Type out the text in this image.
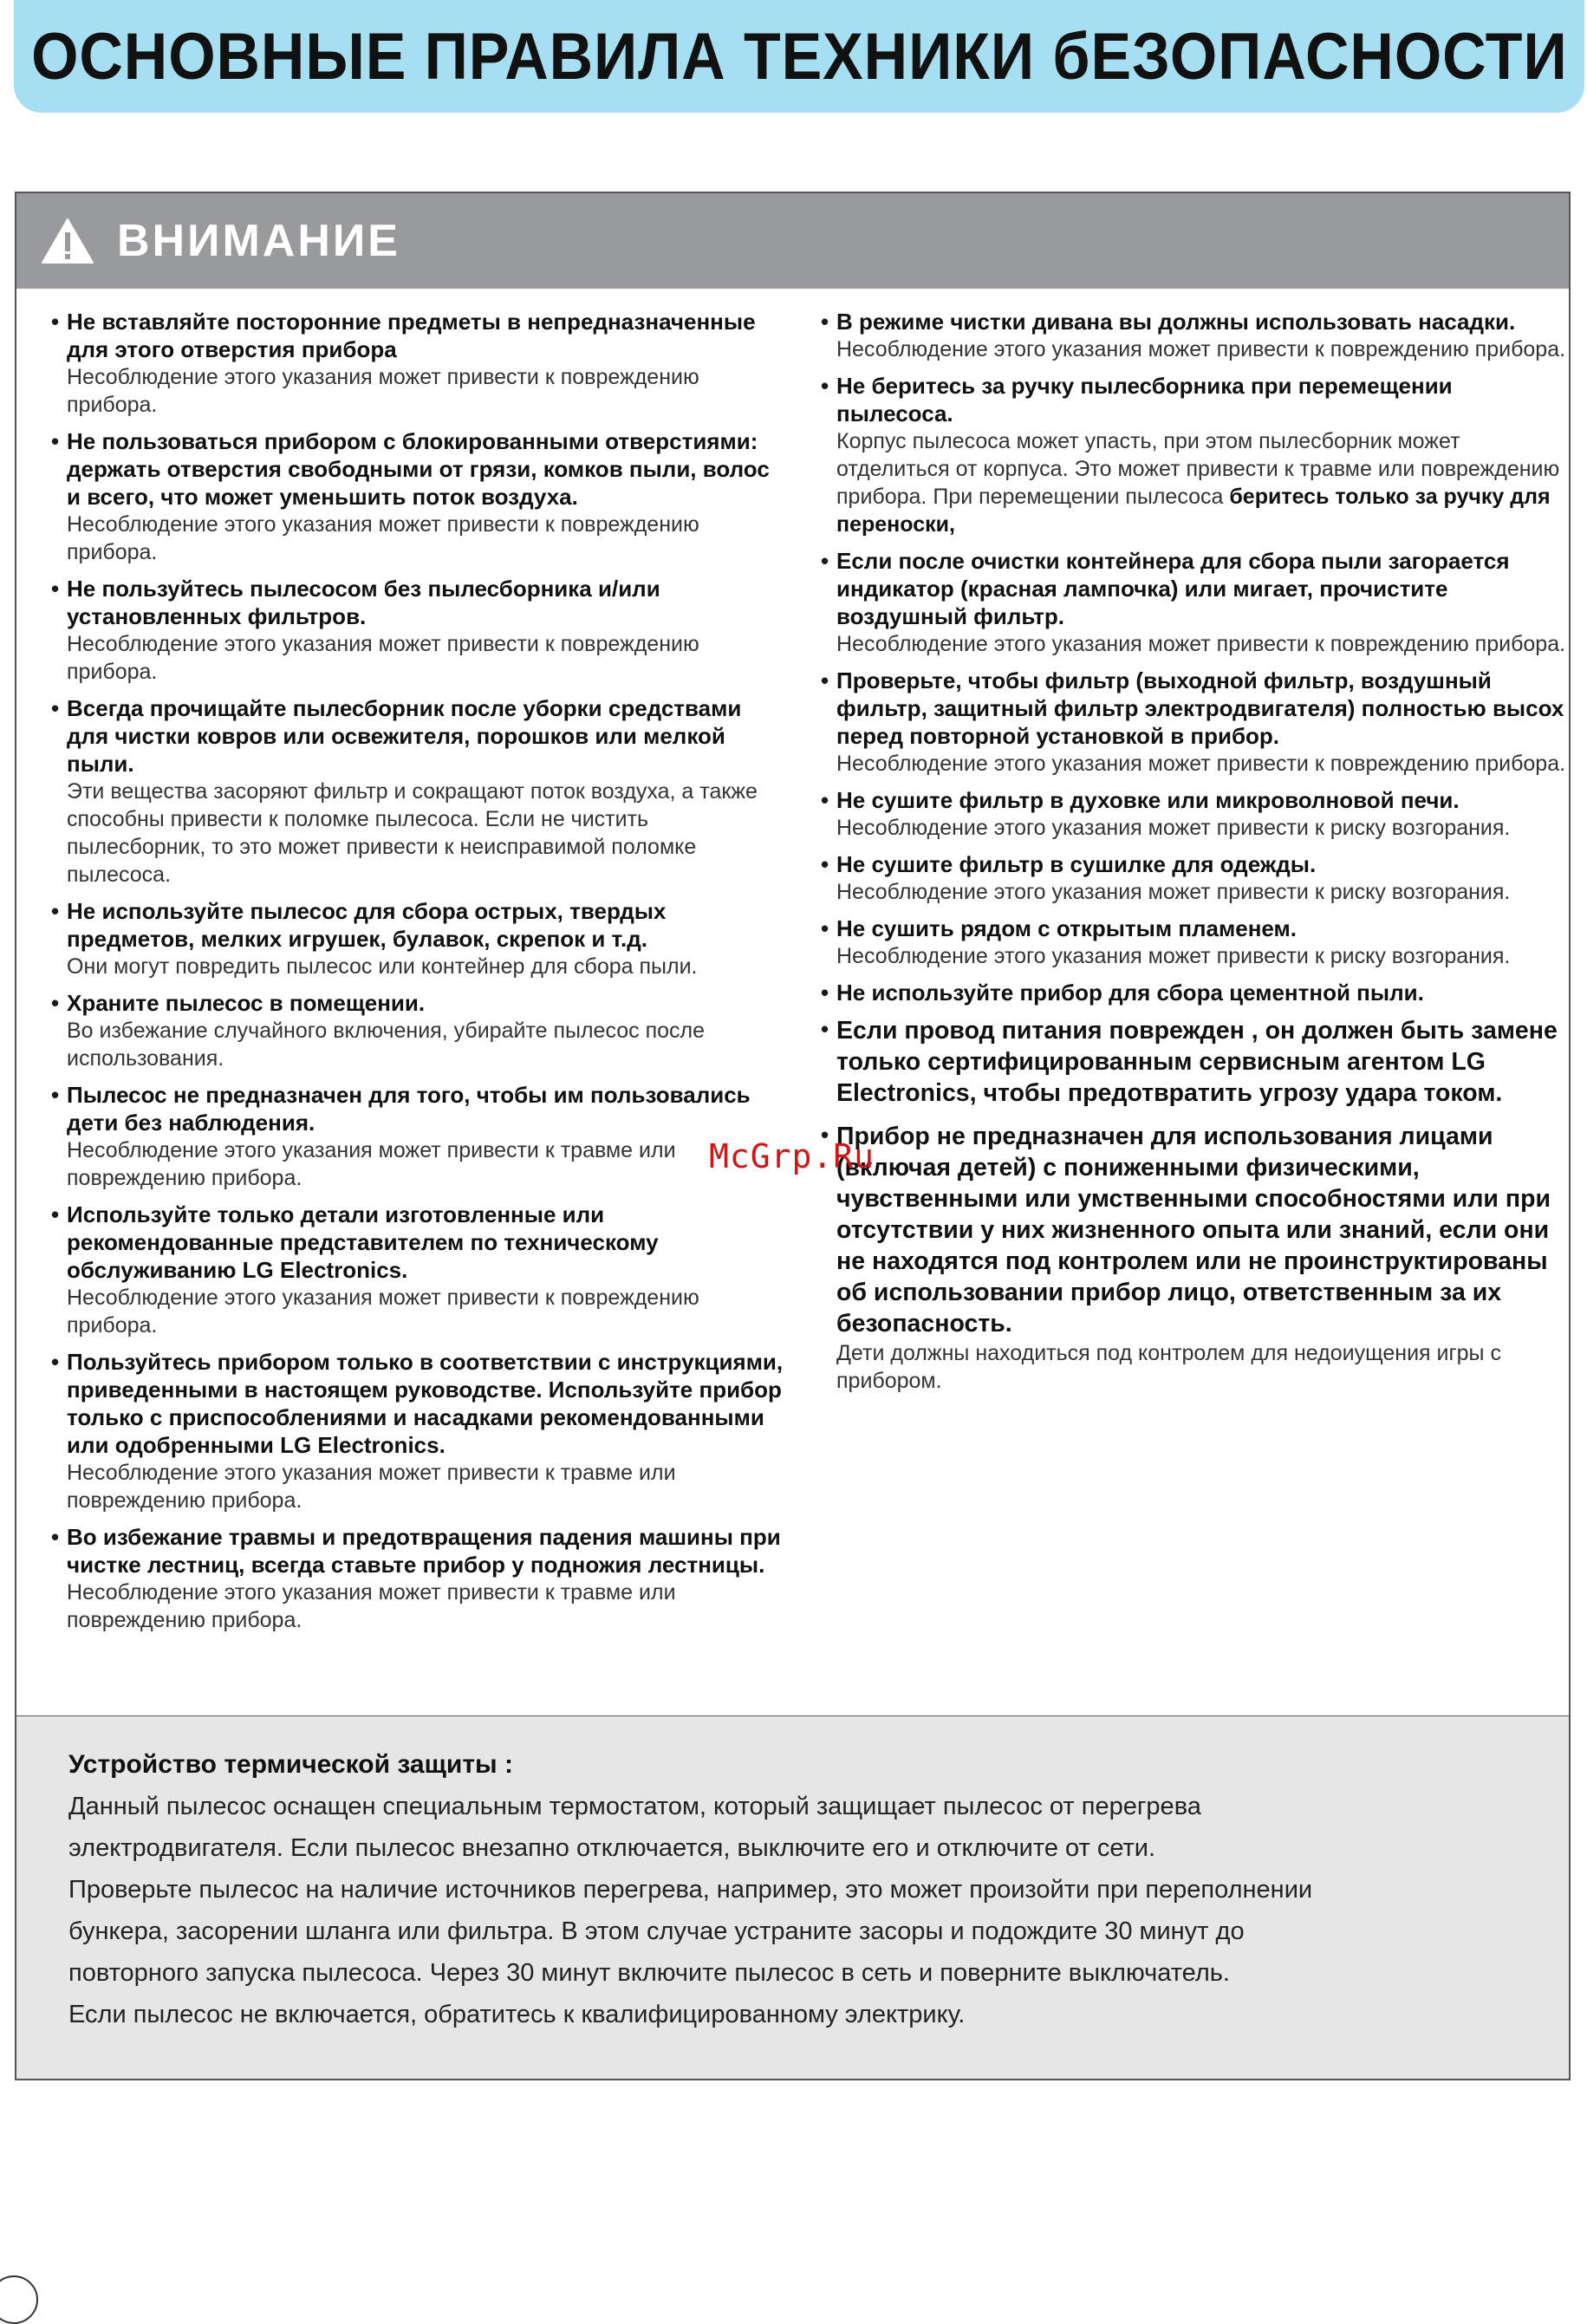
ОСНОВНЫЕ ПРАВИЛА ТЕХНИКИ бЕЗОПАСНОСТИ
ВНИМАНИЕ
• Не вставляйте посторонние предметы в непредназначенные для этого отверстия прибора
Несоблюдение этого указания может привести к повреждению прибора.
• Не пользоваться прибором с блокированными отверстиями: держать отверстия свободными от грязи, комков пыли, волос и всего, что может уменьшить поток воздуха.
Несоблюдение этого указания может привести к повреждению прибора.
• Не пользуйтесь пылесосом без пылесборника и/или установленных фильтров.
Несоблюдение этого указания может привести к повреждению прибора.
• Всегда прочищайте пылесборник после уборки средствами для чистки ковров или освежителя, порошков или мелкой пыли.
Эти вещества засоряют фильтр и сокращают поток воздуха, а также способны привести к поломке пылесоса. Если не чистить пылесборник, то это может привести к неисправимой поломке пылесоса.
• Не используйте пылесос для сбора острых, твердых предметов, мелких игрушек, булавок, скрепок и т.д.
Они могут повредить пылесос или контейнер для сбора пыли.
• Храните пылесос в помещении.
Во избежание случайного включения, убирайте пылесос после использования.
• Пылесос не предназначен для того, чтобы им пользовались дети без наблюдения.
Несоблюдение этого указания может привести к травме или повреждению прибора.
• Используйте только детали изготовленные или рекомендованные представителем по техническому обслуживанию LG Electronics.
Несоблюдение этого указания может привести к повреждению прибора.
• Пользуйтесь прибором только в соответствии с инструкциями, приведенными в настоящем руководстве. Используйте прибор только с приспособлениями и насадками рекомендованными или одобренными LG Electronics.
Несоблюдение этого указания может привести к травме или повреждению прибора.
• Во избежание травмы и предотвращения падения машины при чистке лестниц, всегда ставьте прибор у подножия лестницы.
Несоблюдение этого указания может привести к травме или повреждению прибора.
• В режиме чистки дивана вы должны использовать насадки.
Несоблюдение этого указания может привести к повреждению прибора.
• Не беритесь за ручку пылесборника при перемещении пылесоса.
Корпус пылесоса может упасть, при этом пылесборник может отделиться от корпуса. Это может привести к травме или повреждению прибора. При перемещении пылесоса беритесь только за ручку для переноски,
• Если после очистки контейнера для сбора пыли загорается индикатор (красная лампочка) или мигает, прочистите воздушный фильтр.
Несоблюдение этого указания может привести к повреждению прибора.
• Проверьте, чтобы фильтр (выходной фильтр, воздушный фильтр, защитный фильтр электродвигателя) полностью высох перед повторной установкой в прибор.
Несоблюдение этого указания может привести к повреждению прибора.
• Не сушите фильтр в духовке или микроволновой печи.
Несоблюдение этого указания может привести к риску возгорания.
• Не сушите фильтр в сушилке для одежды.
Несоблюдение этого указания может привести к риску возгорания.
• Не сушить рядом с открытым пламенем.
Несоблюдение этого указания может привести к риску возгорания.
• Не используйте прибор для сбора цементной пыли.
• Если провод питания поврежден , он должен быть замене только сертифицированным сервисным агентом LG Electronics, чтобы предотвратить угрозу удара током.
• Прибор не предназначен для использования лицами (включая детей) с пониженными физическими, чувственными или умственными способностями или при отсутствии у них жизненного опыта или знаний, если они не находятся под контролем или не проинструктированы об использовании прибор лицо, ответственным за их безопасность.
Дети должны находиться под контролем для недоиущения игры с прибором.
Устройство термической защиты :
Данный пылесос оснащен специальным термостатом, который защищает пылесос от перегрева
электродвигателя. Если пылесос внезапно отключается, выключите его и отключите от сети.
Проверьте пылесос на наличие источников перегрева, например, это может произойти при переполнении
бункера, засорении шланга или фильтра. В этом случае устраните засоры и подождите 30 минут до
повторного запуска пылесоса. Через 30 минут включите пылесос в сеть и поверните выключатель.
Если пылесос не включается, обратитесь к квалифицированному электрику.
McGrp.Ru
